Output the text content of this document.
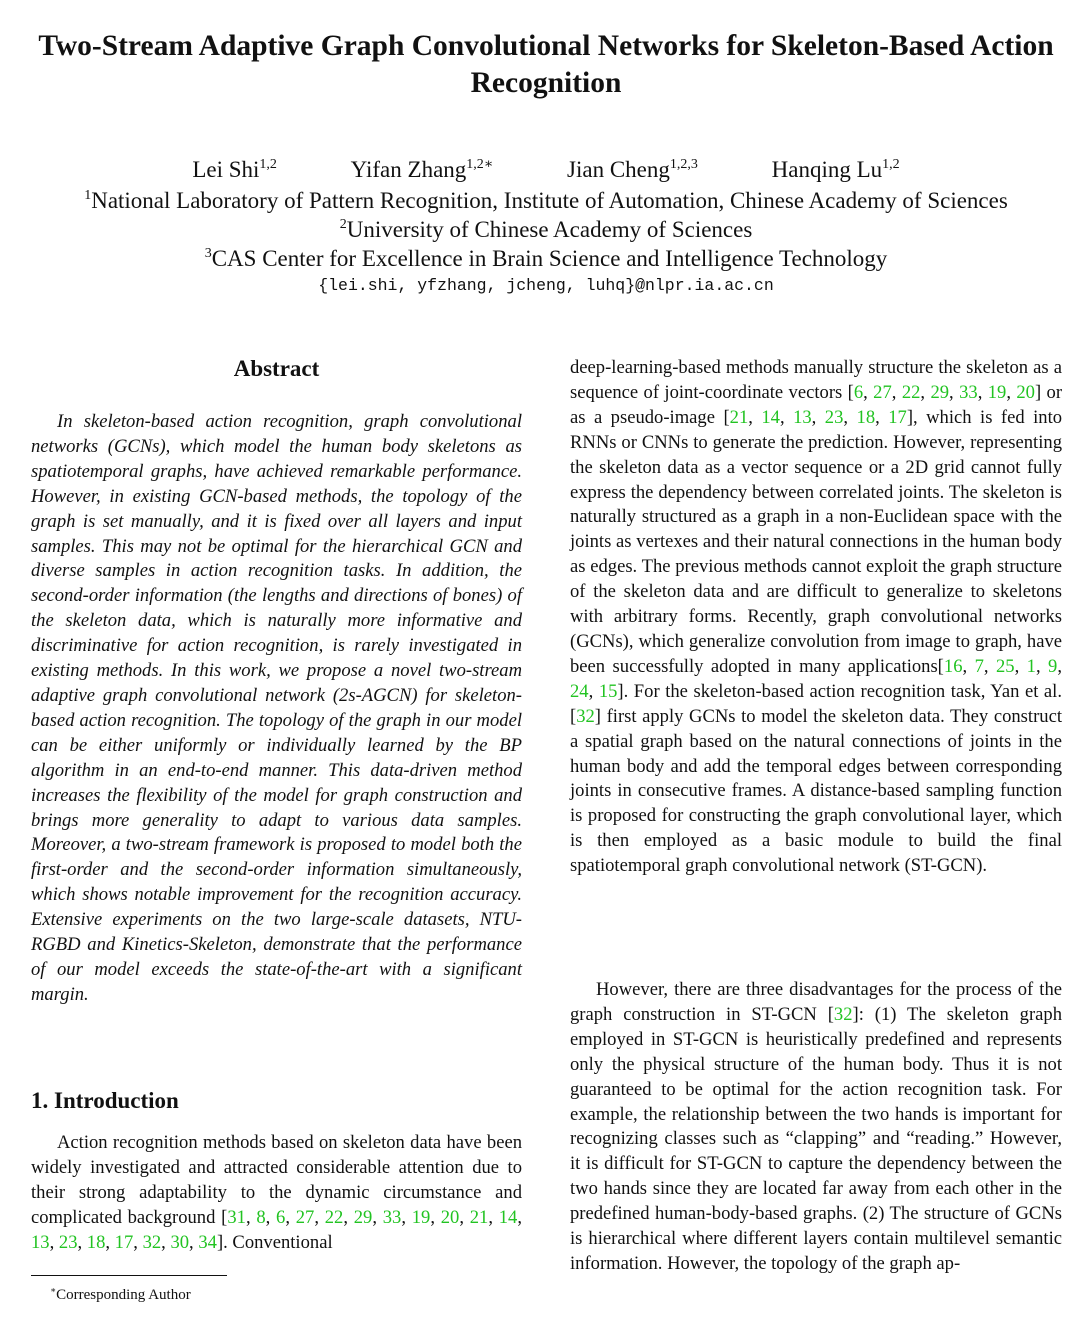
Two-Stream Adaptive Graph Convolutional Networks for Skeleton-Based Action Recognition
Lei Shi$^{1,2}$	Yifan Zhang$^{1,2∗}$	Jian Cheng$^{1,2,3}$	Hanqing Lu$^{1,2}$
$^1$National Laboratory of Pattern Recognition, Institute of Automation, Chinese Academy of Sciences
$^2$University of Chinese Academy of Sciences
$^3$CAS Center for Excellence in Brain Science and Intelligence Technology
{lei.shi, yfzhang, jcheng, luhq}@nlpr.ia.ac.cn
Abstract

In skeleton-based action recognition, graph convolutional networks (GCNs), which model the human body skeletons as spatiotemporal graphs, have achieved remarkable performance. However, in existing GCN-based methods, the topology of the graph is set manually, and it is fixed over all layers and input samples. This may not be optimal for the hierarchical GCN and diverse samples in action recognition tasks. In addition, the second-order information (the lengths and directions of bones) of the skeleton data, which is naturally more informative and discriminative for action recognition, is rarely investigated in existing methods. In this work, we propose a novel two-stream adaptive graph convolutional network (2s-AGCN) for skeleton-based action recognition. The topology of the graph in our model can be either uniformly or individually learned by the BP algorithm in an end-to-end manner. This data-driven method increases the flexibility of the model for graph construction and brings more generality to adapt to various data samples. Moreover, a two-stream framework is proposed to model both the first-order and the second-order information simultaneously, which shows notable improvement for the recognition accuracy. Extensive experiments on the two large-scale datasets, NTU-RGBD and Kinetics-Skeleton, demonstrate that the performance of our model exceeds the state-of-the-art with a significant margin.

1. Introduction

Action recognition methods based on skeleton data have been widely investigated and attracted considerable attention due to their strong adaptability to the dynamic circumstance and complicated background [31, 8, 6, 27, 22, 29, 33, 19, 20, 21, 14, 13, 23, 18, 17, 32, 30, 34]. Conventional

deep-learning-based methods manually structure the skeleton as a sequence of joint-coordinate vectors [6, 27, 22, 29, 33, 19, 20] or as a pseudo-image [21, 14, 13, 23, 18, 17], which is fed into RNNs or CNNs to generate the prediction. However, representing the skeleton data as a vector sequence or a 2D grid cannot fully express the dependency between correlated joints. The skeleton is naturally structured as a graph in a non-Euclidean space with the joints as vertexes and their natural connections in the human body as edges. The previous methods cannot exploit the graph structure of the skeleton data and are difficult to generalize to skeletons with arbitrary forms. Recently, graph convolutional networks (GCNs), which generalize convolution from image to graph, have been successfully adopted in many applications[16, 7, 25, 1, 9, 24, 15]. For the skeleton-based action recognition task, Yan et al. [32] first apply GCNs to model the skeleton data. They construct a spatial graph based on the natural connections of joints in the human body and add the temporal edges between corresponding joints in consecutive frames. A distance-based sampling function is proposed for constructing the graph convolutional layer, which is then employed as a basic module to build the final spatiotemporal graph convolutional network (ST-GCN).

However, there are three disadvantages for the process of the graph construction in ST-GCN [32]: (1) The skeleton graph employed in ST-GCN is heuristically predefined and represents only the physical structure of the human body. Thus it is not guaranteed to be optimal for the action recognition task. For example, the relationship between the two hands is important for recognizing classes such as “clapping” and “reading.” However, it is difficult for ST-GCN to capture the dependency between the two hands since they are located far away from each other in the predefined human-body-based graphs. (2) The structure of GCNs is hierarchical where different layers contain multilevel semantic information. However, the topology of the graph ap-

∗Corresponding Author
